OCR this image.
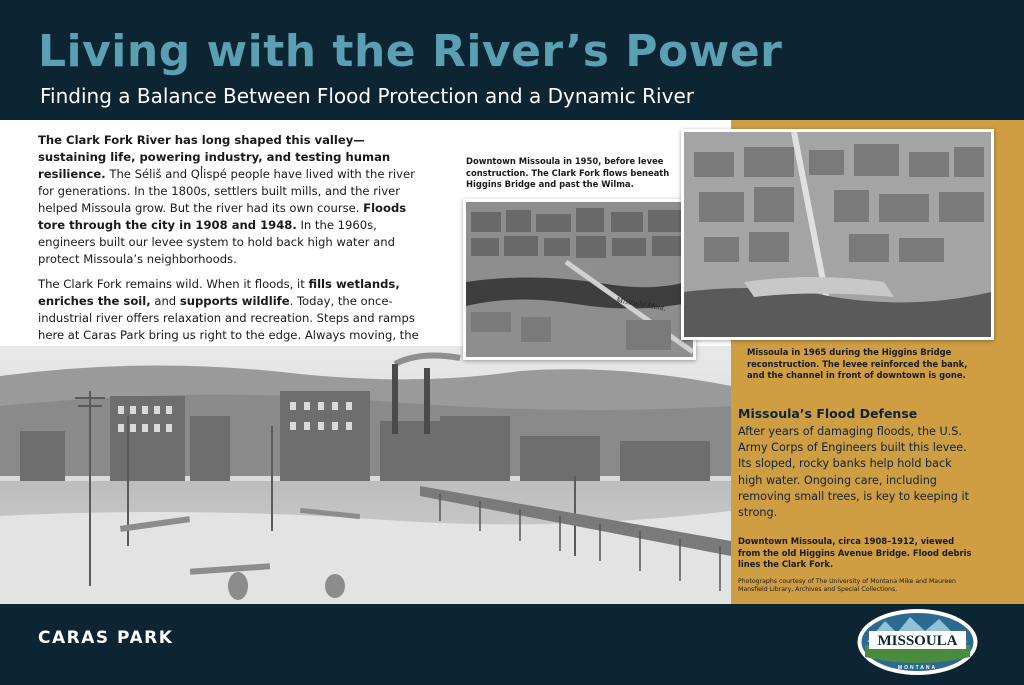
Living with the River’s Power
Finding a Balance Between Flood Protection and a Dynamic River

The Clark Fork River has long shaped this valley—sustaining life, powering industry, and testing human resilience. The Séliš and Ql̓ispé people have lived with the river for generations. In the 1800s, settlers built mills, and the river helped Missoula grow. But the river had its own course. Floods tore through the city in 1908 and 1948. In the 1960s, engineers built our levee system to hold back high water and protect Missoula’s neighborhoods.

The Clark Fork remains wild. When it floods, it fills wetlands, enriches the soil, and supports wildlife. Today, the once-industrial river offers relaxation and recreation. Steps and ramps here at Caras Park bring us right to the edge. Always moving, the

Missoula Mont.
Downtown Missoula in 1950, before levee construction. The Clark Fork flows beneath Higgins Bridge and past the Wilma.
Missoula in 1965 during the Higgins Bridge reconstruction. The levee reinforced the bank, and the channel in front of downtown is gone.
Missoula’s Flood Defense
After years of damaging floods, the U.S. Army Corps of Engineers built this levee. Its sloped, rocky banks help hold back high water. Ongoing care, including removing small trees, is key to keeping it strong.
Downtown Missoula, circa 1908–1912, viewed from the old Higgins Avenue Bridge. Flood debris lines the Clark Fork.
Photographs courtesy of The University of Montana Mike and Maureen Mansfield Library, Archives and Special Collections.
CARAS PARK	MISSOULA
MONTANA
